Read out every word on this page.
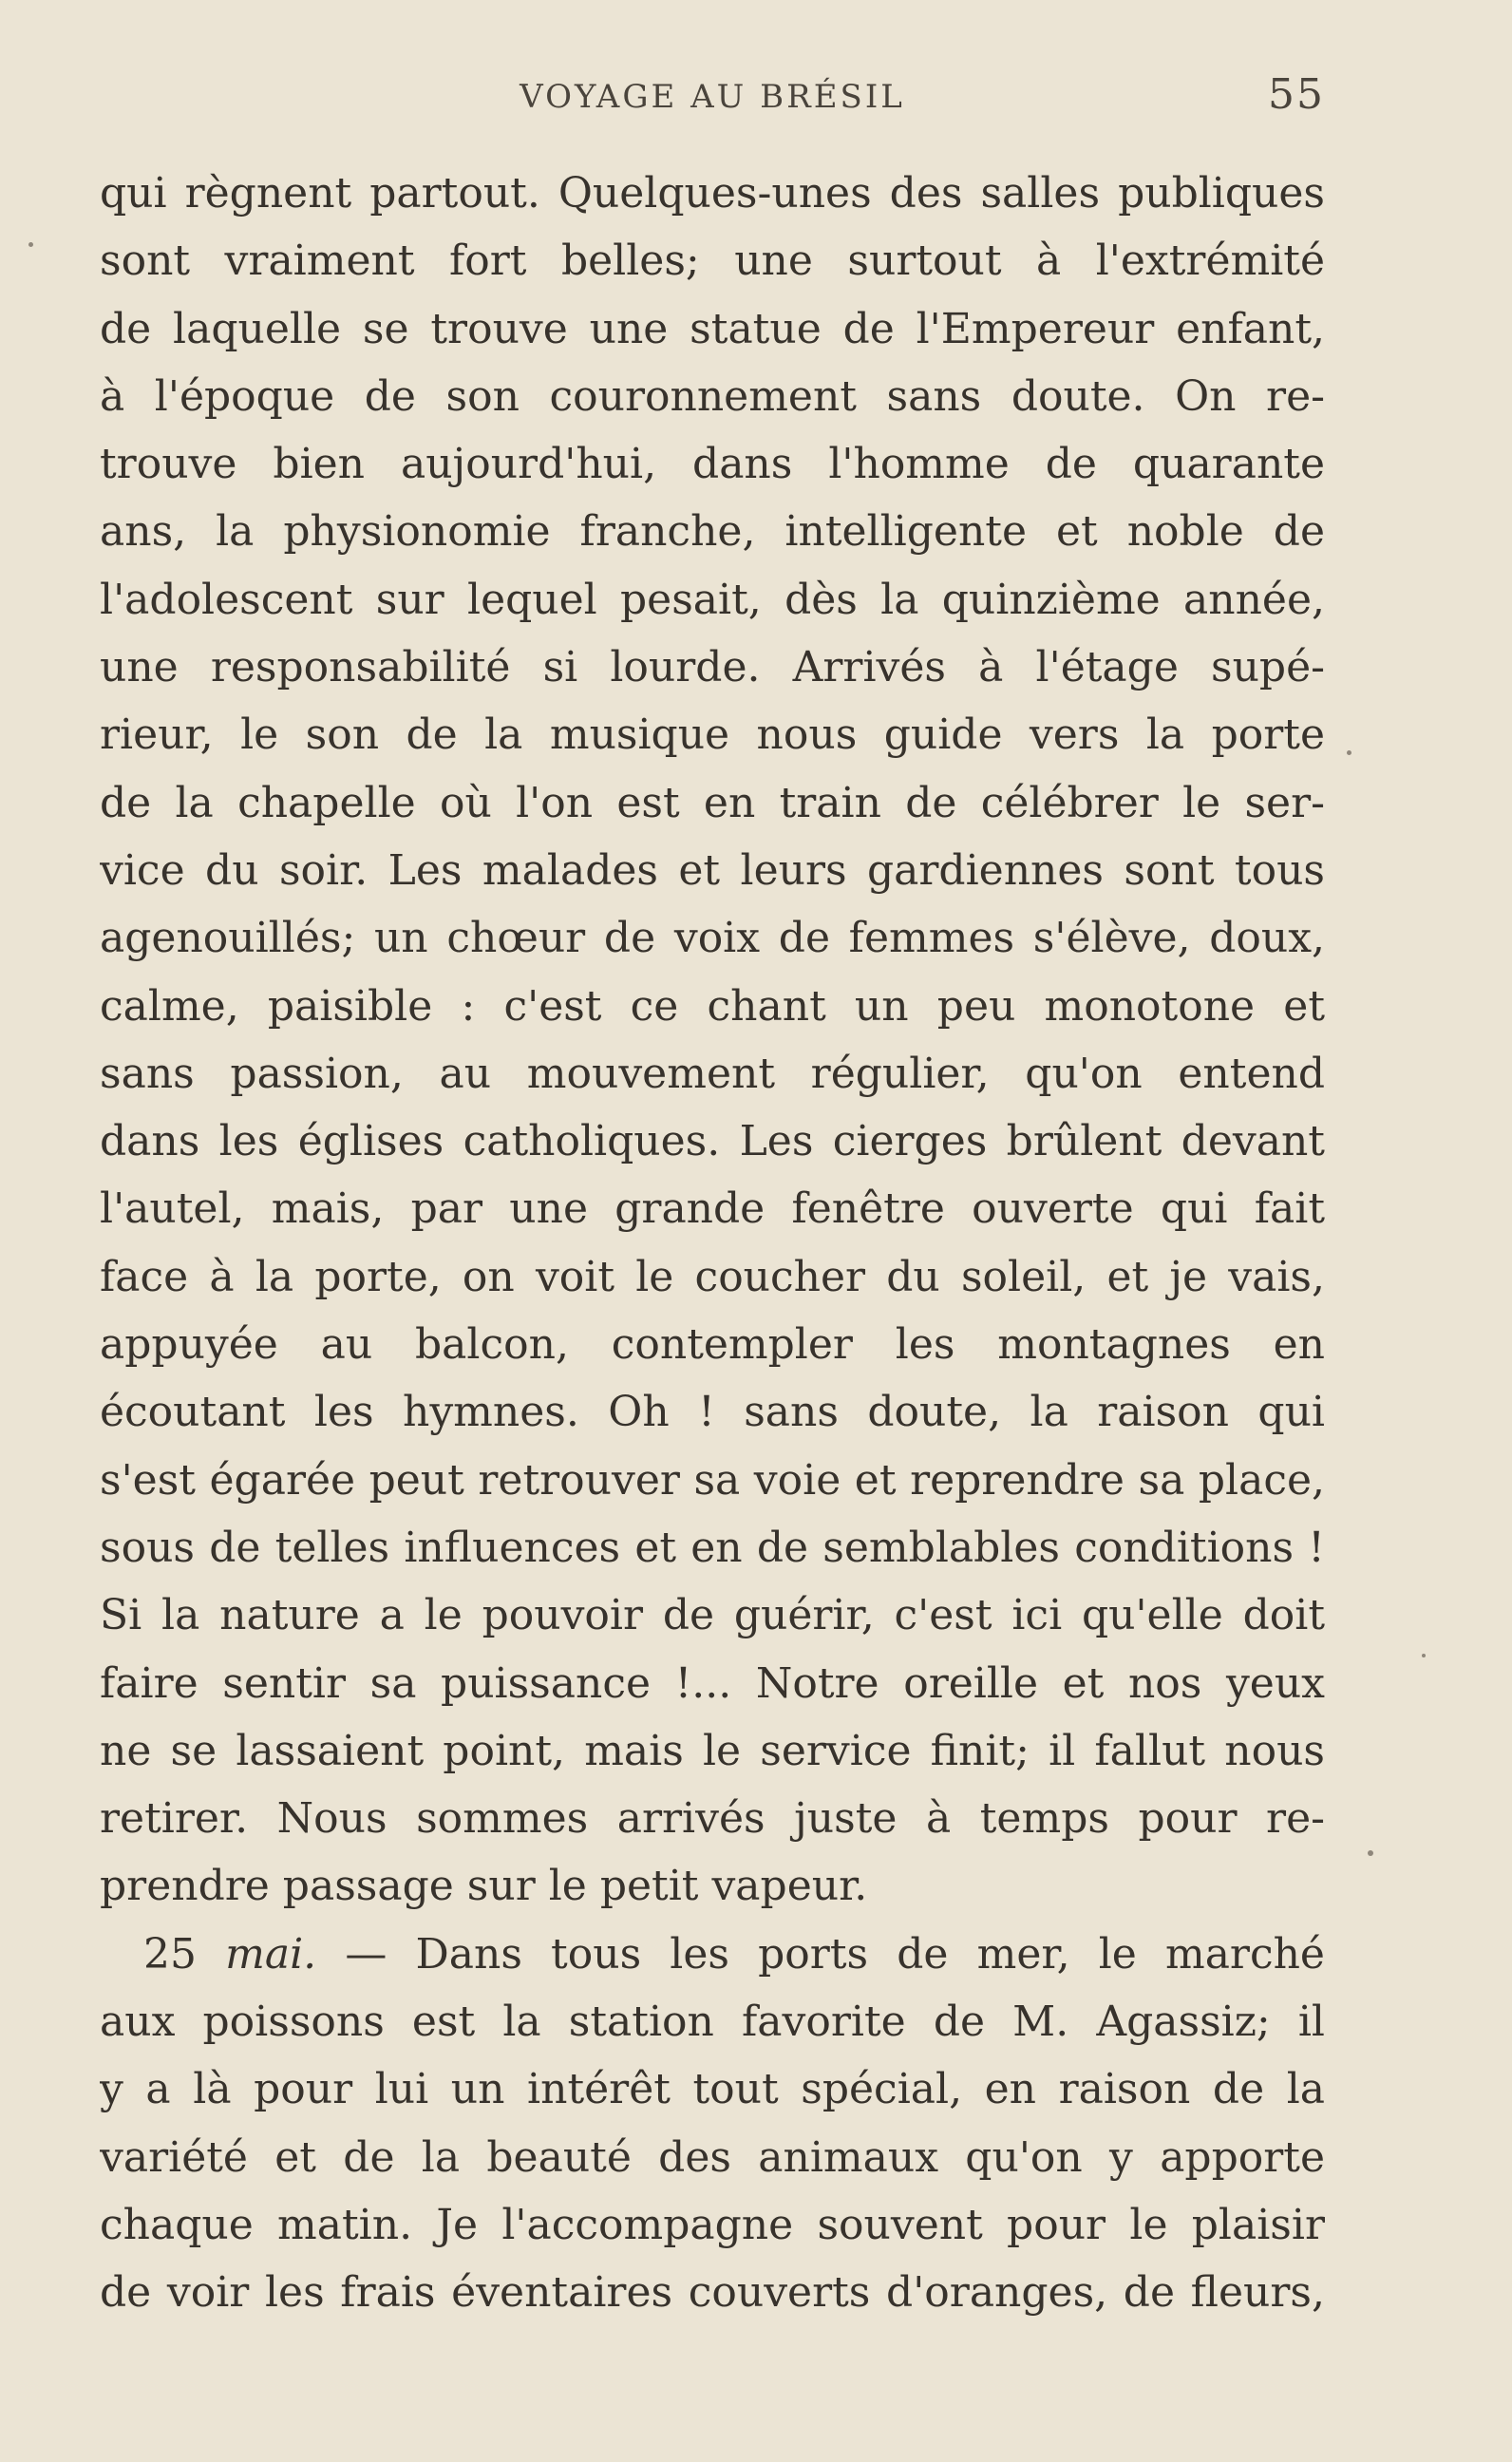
VOYAGE AU BRÉSIL	55
qui règnent partout. Quelques-unes des salles publiques
sont vraiment fort belles; une surtout à l'extrémité
de laquelle se trouve une statue de l'Empereur enfant,
à l'époque de son couronnement sans doute. On re-
trouve bien aujourd'hui, dans l'homme de quarante
ans, la physionomie franche, intelligente et noble de
l'adolescent sur lequel pesait, dès la quinzième année,
une responsabilité si lourde. Arrivés à l'étage supé-
rieur, le son de la musique nous guide vers la porte
de la chapelle où l'on est en train de célébrer le ser-
vice du soir. Les malades et leurs gardiennes sont tous
agenouillés; un chœur de voix de femmes s'élève, doux,
calme, paisible : c'est ce chant un peu monotone et
sans passion, au mouvement régulier, qu'on entend
dans les églises catholiques. Les cierges brûlent devant
l'autel, mais, par une grande fenêtre ouverte qui fait
face à la porte, on voit le coucher du soleil, et je vais,
appuyée au balcon, contempler les montagnes en
écoutant les hymnes. Oh ! sans doute, la raison qui
s'est égarée peut retrouver sa voie et reprendre sa place,
sous de telles influences et en de semblables conditions !
Si la nature a le pouvoir de guérir, c'est ici qu'elle doit
faire sentir sa puissance !... Notre oreille et nos yeux
ne se lassaient point, mais le service finit; il fallut nous
retirer. Nous sommes arrivés juste à temps pour re-
prendre passage sur le petit vapeur.
25 mai. — Dans tous les ports de mer, le marché
aux poissons est la station favorite de M. Agassiz; il
y a là pour lui un intérêt tout spécial, en raison de la
variété et de la beauté des animaux qu'on y apporte
chaque matin. Je l'accompagne souvent pour le plaisir
de voir les frais éventaires couverts d'oranges, de fleurs,
